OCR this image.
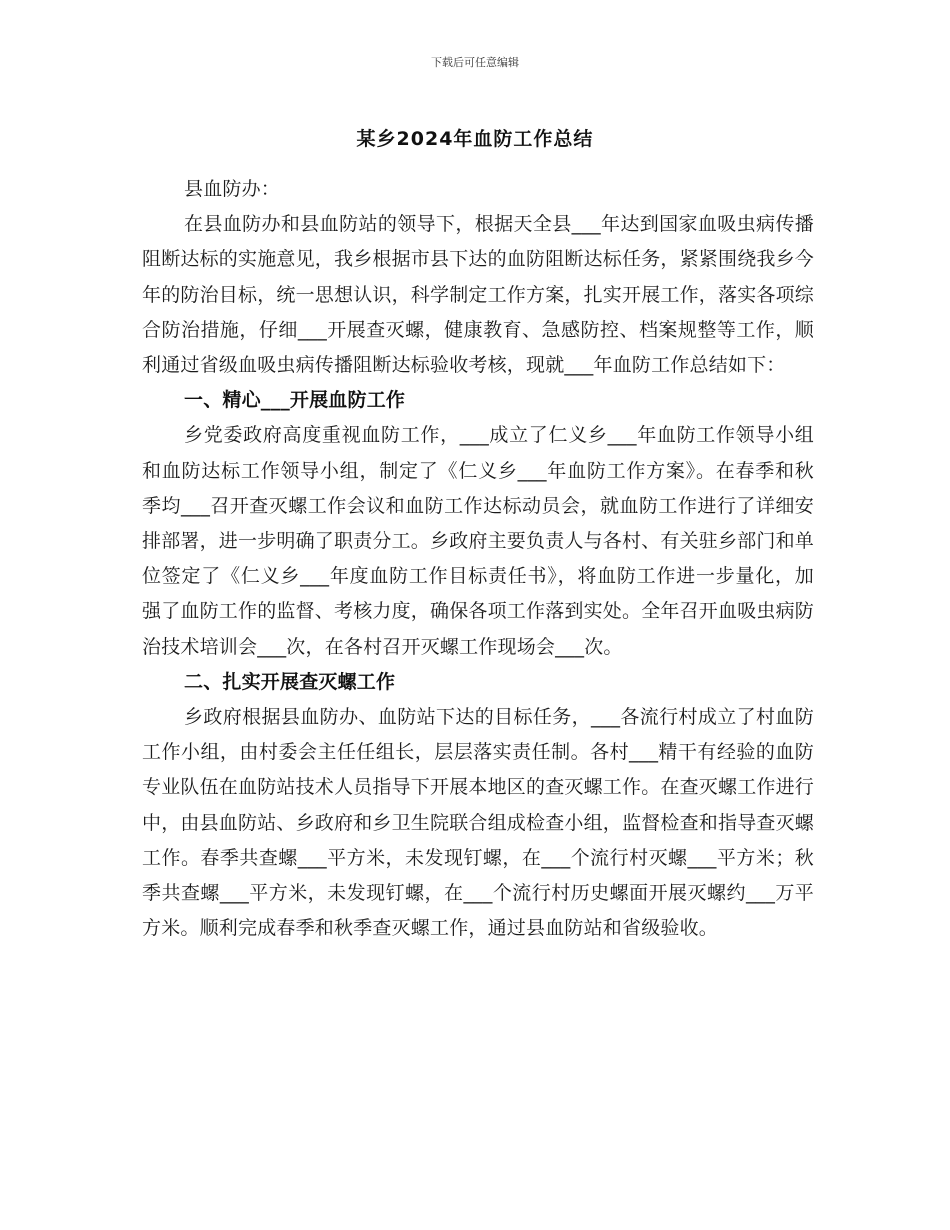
下载后可任意编辑
某乡2024年血防工作总结

县血防办：

在县血防办和县血防站的领导下，根据天全县___年达到国家血吸虫病传播阻断达标的实施意见，我乡根据市县下达的血防阻断达标任务，紧紧围绕我乡今年的防治目标，统一思想认识，科学制定工作方案，扎实开展工作，落实各项综合防治措施，仔细___开展查灭螺，健康教育、急感防控、档案规整等工作，顺利通过省级血吸虫病传播阻断达标验收考核，现就___年血防工作总结如下：

一、精心___开展血防工作

乡党委政府高度重视血防工作，___成立了仁义乡___年血防工作领导小组和血防达标工作领导小组，制定了《仁义乡___年血防工作方案》。在春季和秋季均___召开查灭螺工作会议和血防工作达标动员会，就血防工作进行了详细安排部署，进一步明确了职责分工。乡政府主要负责人与各村、有关驻乡部门和单位签定了《仁义乡___年度血防工作目标责任书》，将血防工作进一步量化，加强了血防工作的监督、考核力度，确保各项工作落到实处。全年召开血吸虫病防治技术培训会___次，在各村召开灭螺工作现场会___次。

二、扎实开展查灭螺工作

乡政府根据县血防办、血防站下达的目标任务，___各流行村成立了村血防工作小组，由村委会主任任组长，层层落实责任制。各村___精干有经验的血防专业队伍在血防站技术人员指导下开展本地区的查灭螺工作。在查灭螺工作进行中，由县血防站、乡政府和乡卫生院联合组成检查小组，监督检查和指导查灭螺工作。春季共查螺___平方米，未发现钉螺，在___个流行村灭螺___平方米；秋季共查螺___平方米，未发现钉螺，在___个流行村历史螺面开展灭螺约___万平方米。顺利完成春季和秋季查灭螺工作，通过县血防站和省级验收。
